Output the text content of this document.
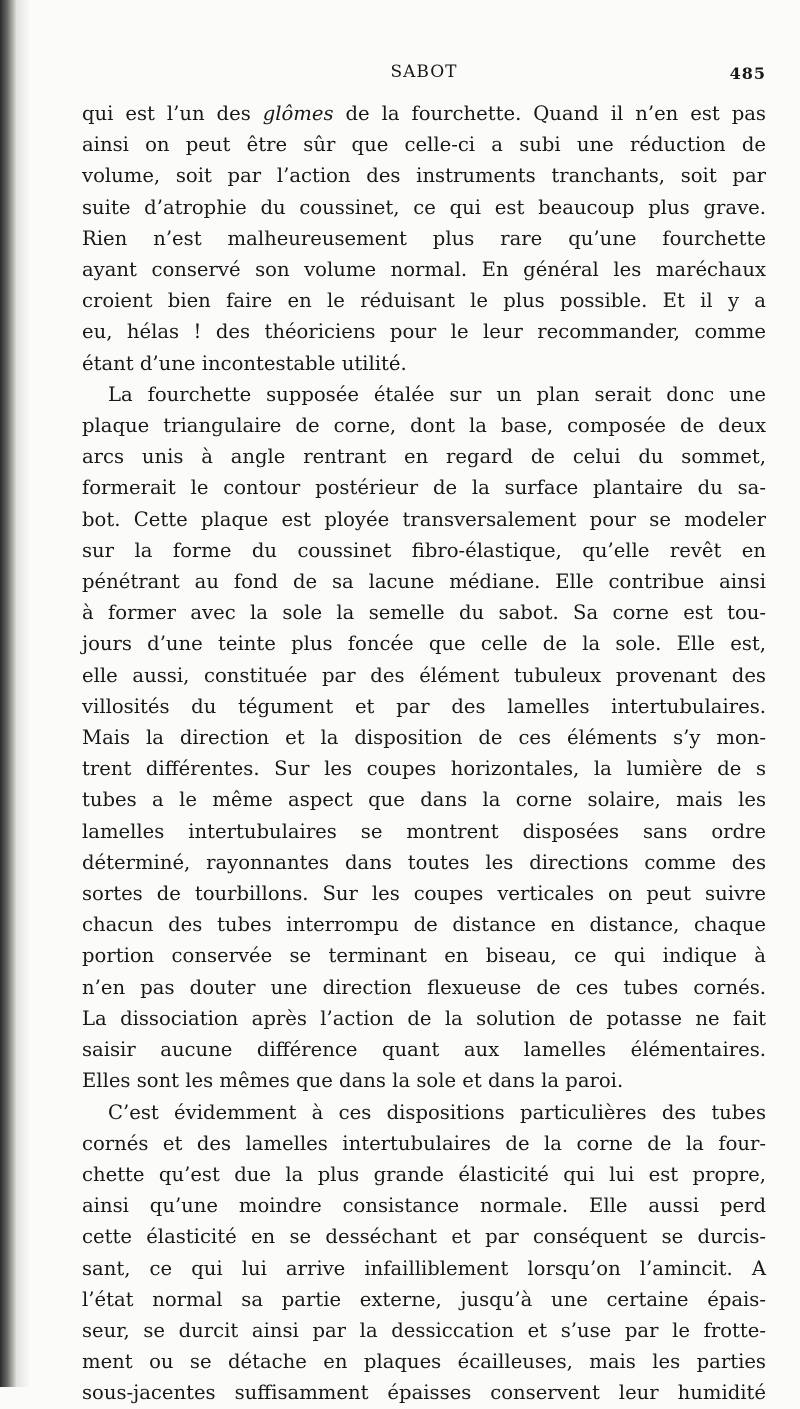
SABOT	485
qui est l’un des glômes de la fourchette. Quand il n’en est pas
ainsi on peut être sûr que celle-ci a subi une réduction de
volume, soit par l’action des instruments tranchants, soit par
suite d’atrophie du coussinet, ce qui est beaucoup plus grave.
Rien n’est malheureusement plus rare qu’une fourchette
ayant conservé son volume normal. En général les maréchaux
croient bien faire en le réduisant le plus possible. Et il y a
eu, hélas ! des théoriciens pour le leur recommander, comme
étant d’une incontestable utilité.
La fourchette supposée étalée sur un plan serait donc une
plaque triangulaire de corne, dont la base, composée de deux
arcs unis à angle rentrant en regard de celui du sommet,
formerait le contour postérieur de la surface plantaire du sa-
bot. Cette plaque est ployée transversalement pour se modeler
sur la forme du coussinet fibro-élastique, qu’elle revêt en
pénétrant au fond de sa lacune médiane. Elle contribue ainsi
à former avec la sole la semelle du sabot. Sa corne est tou-
jours d’une teinte plus foncée que celle de la sole. Elle est,
elle aussi, constituée par des élément tubuleux provenant des
villosités du tégument et par des lamelles intertubulaires.
Mais la direction et la disposition de ces éléments s’y mon-
trent différentes. Sur les coupes horizontales, la lumière de s
tubes a le même aspect que dans la corne solaire, mais les
lamelles intertubulaires se montrent disposées sans ordre
déterminé, rayonnantes dans toutes les directions comme des
sortes de tourbillons. Sur les coupes verticales on peut suivre
chacun des tubes interrompu de distance en distance, chaque
portion conservée se terminant en biseau, ce qui indique à
n’en pas douter une direction flexueuse de ces tubes cornés.
La dissociation après l’action de la solution de potasse ne fait
saisir aucune différence quant aux lamelles élémentaires.
Elles sont les mêmes que dans la sole et dans la paroi.
C’est évidemment à ces dispositions particulières des tubes
cornés et des lamelles intertubulaires de la corne de la four-
chette qu’est due la plus grande élasticité qui lui est propre,
ainsi qu’une moindre consistance normale. Elle aussi perd
cette élasticité en se desséchant et par conséquent se durcis-
sant, ce qui lui arrive infailliblement lorsqu’on l’amincit. A
l’état normal sa partie externe, jusqu’à une certaine épais-
seur, se durcit ainsi par la dessiccation et s’use par le frotte-
ment ou se détache en plaques écailleuses, mais les parties
sous-jacentes suffisamment épaisses conservent leur humidité
